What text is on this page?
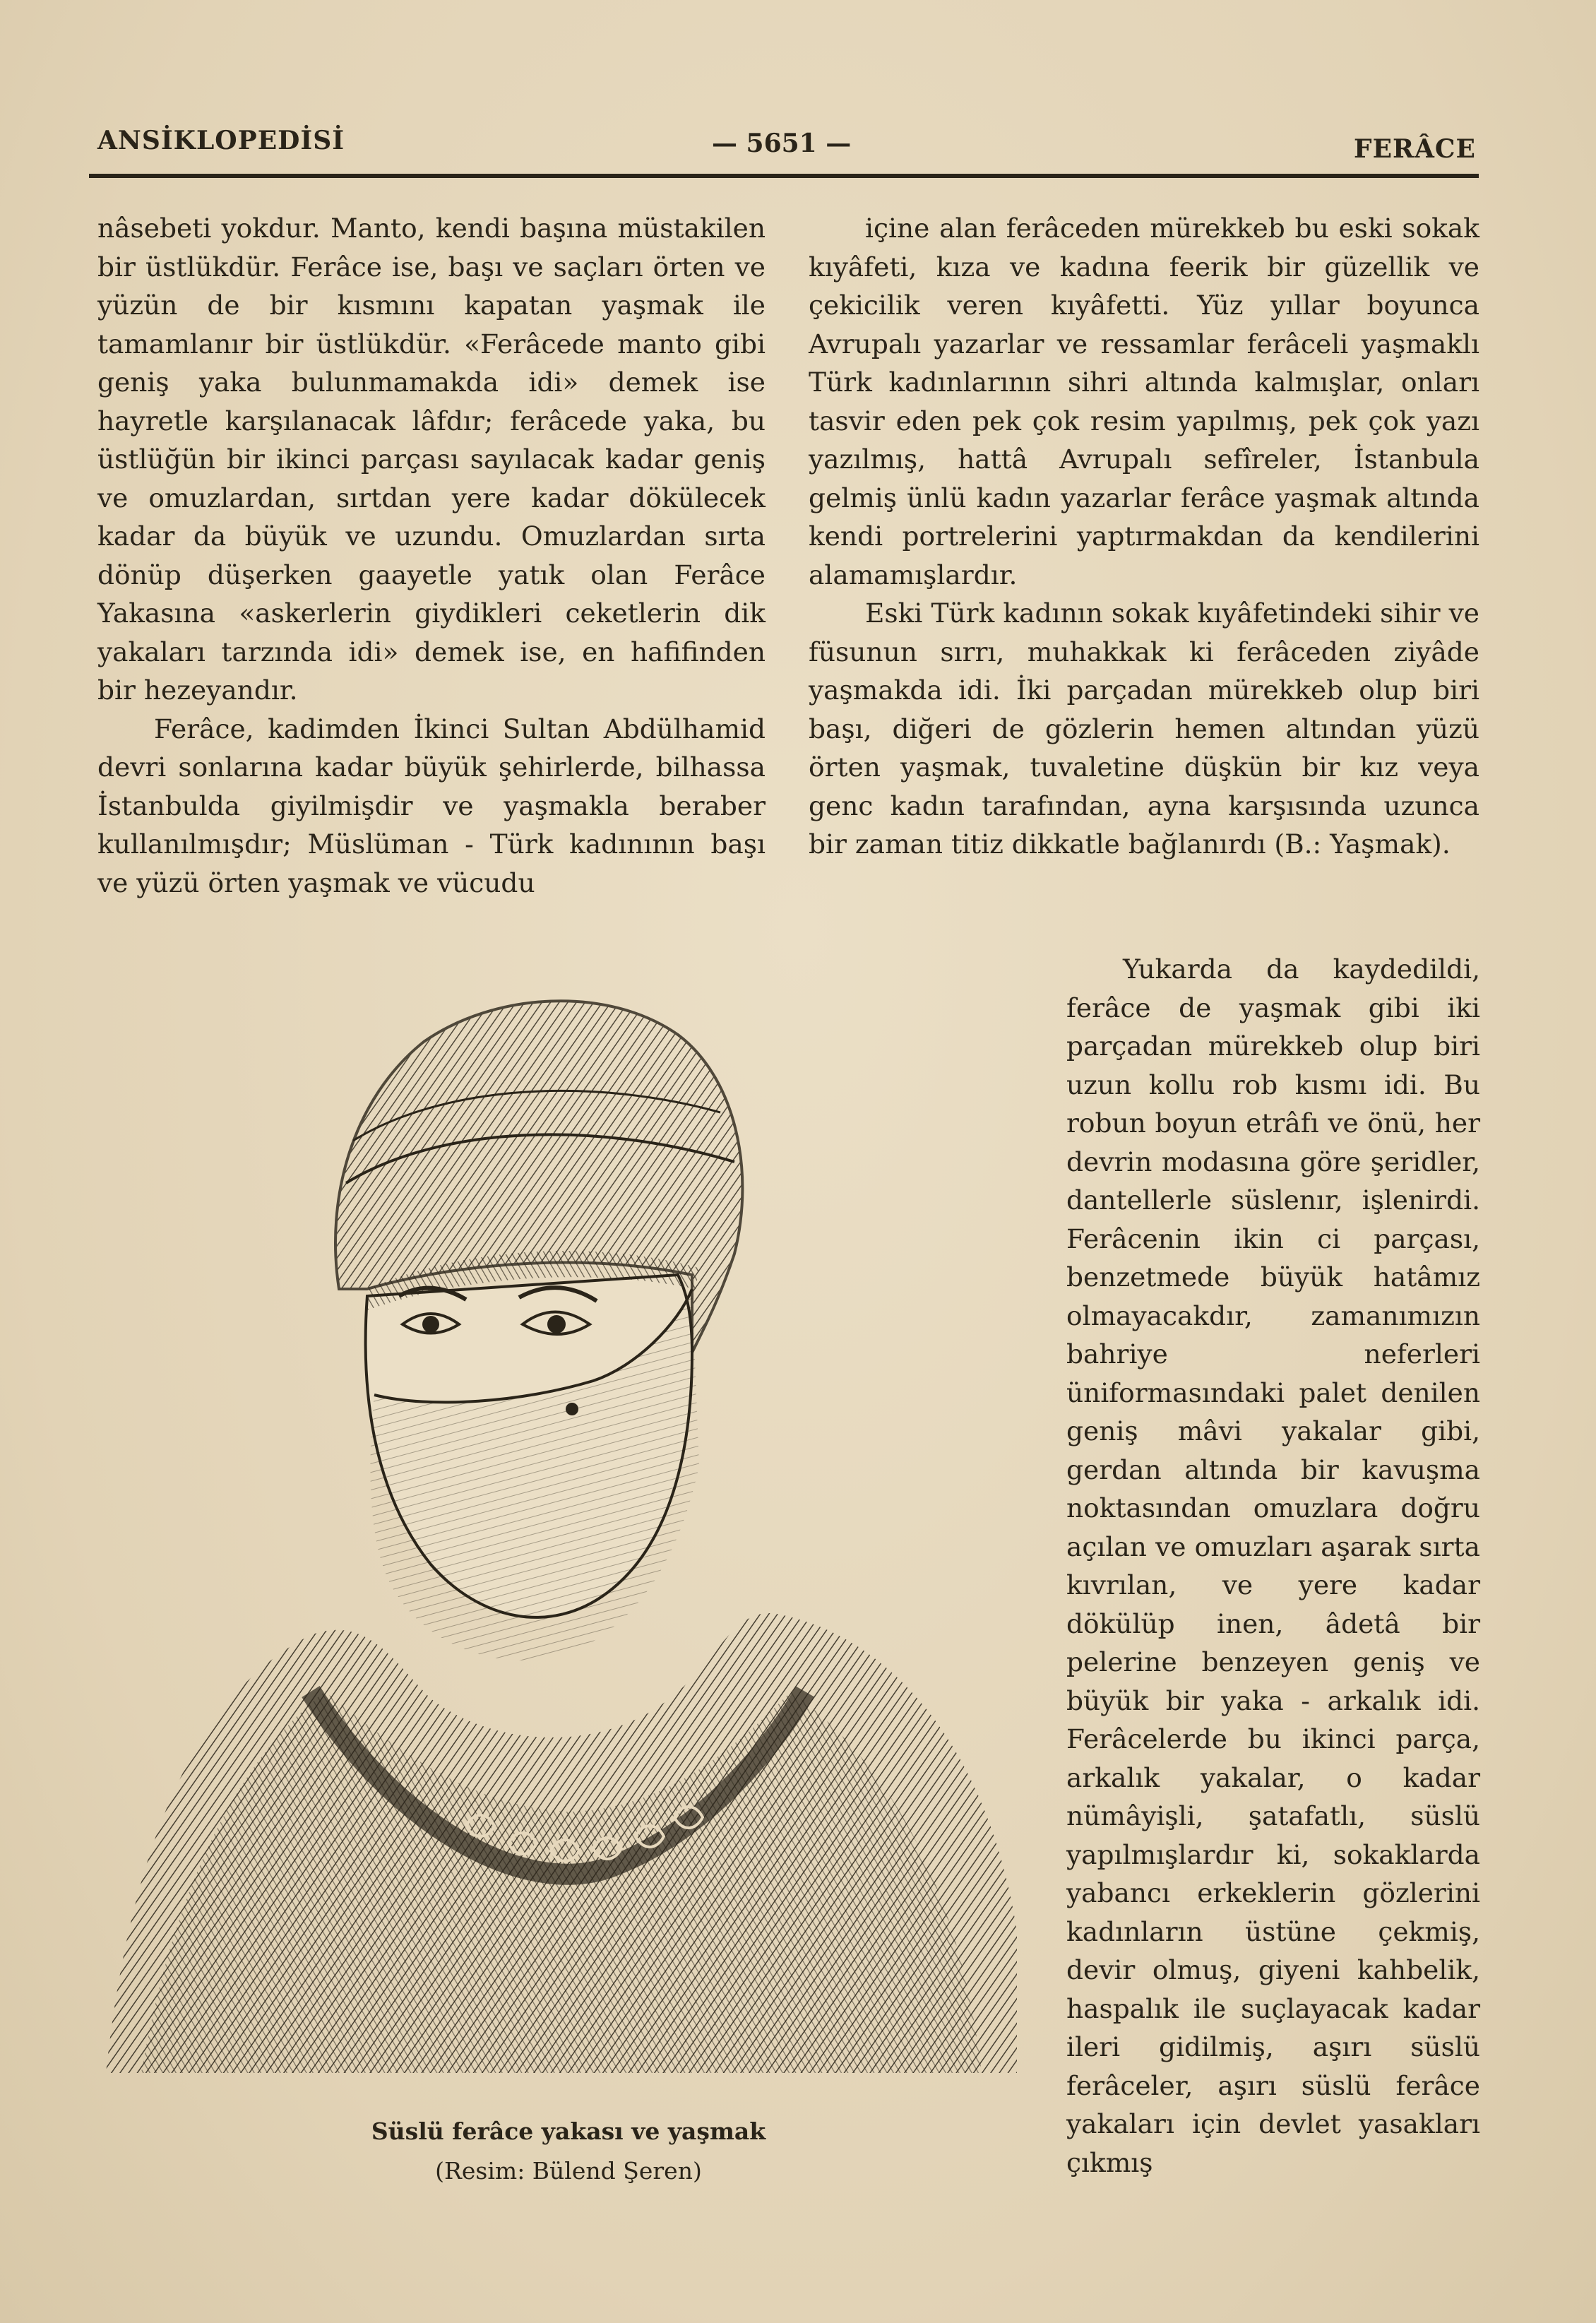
ANSİKLOPEDİSİ	— 5651 —	FERÂCE

nâsebeti yokdur. Manto, kendi başına müstakilen bir üstlükdür. Ferâce ise, başı ve saçları örten ve yüzün de bir kısmını kapatan yaşmak ile tamamlanır bir üstlükdür. «Ferâcede manto gibi geniş yaka bulunmamakda idi» demek ise hayretle karşılanacak lâfdır; ferâcede yaka, bu üstlüğün bir ikinci parçası sayılacak kadar geniş ve omuzlardan, sırtdan yere kadar dökülecek kadar da büyük ve uzundu. Omuzlardan sırta dönüp düşerken gaayetle yatık olan Ferâce Yakasına «askerlerin giydikleri ceketlerin dik yakaları tarzında idi» demek ise, en hafifinden bir hezeyandır.

Ferâce, kadimden İkinci Sultan Abdülhamid devri sonlarına kadar büyük şehirlerde, bilhassa İstanbulda giyilmişdir ve yaşmakla beraber kullanılmışdır; Müslüman - Türk kadınının başı ve yüzü örten yaşmak ve vücudu

içine alan ferâceden mürekkeb bu eski sokak kıyâfeti, kıza ve kadına feerik bir güzellik ve çekicilik veren kıyâfetti. Yüz yıllar boyunca Avrupalı yazarlar ve ressamlar ferâceli yaşmaklı Türk kadınlarının sihri altında kalmışlar, onları tasvir eden pek çok resim yapılmış, pek çok yazı yazılmış, hattâ Avrupalı sefîreler, İstanbula gelmiş ünlü kadın yazarlar ferâce yaşmak altında kendi portrelerini yaptırmakdan da kendilerini alamamışlardır.

Eski Türk kadının sokak kıyâfetindeki sihir ve füsunun sırrı, muhakkak ki ferâceden ziyâde yaşmakda idi. İki parçadan mürekkeb olup biri başı, diğeri de gözlerin hemen altından yüzü örten yaşmak, tuvaletine düşkün bir kız veya genc kadın tarafından, ayna karşısında uzunca bir zaman titiz dikkatle bağlanırdı (B.: Yaşmak).

Süslü ferâce yakası ve yaşmak
(Resim: Bülend Şeren)

Yukarda da kaydedildi, ferâce de yaşmak gibi iki parçadan mürekkeb olup biri uzun kollu rob kısmı idi. Bu robun boyun etrâfı ve önü, her devrin modasına göre şeridler, dantellerle süslenır, işlenirdi. Ferâcenin ikin ci parçası, benzetmede büyük hatâmız olmayacakdır, zamanımızın bahriye neferleri üniformasındaki palet denilen geniş mâvi yakalar gibi, gerdan altında bir kavuşma noktasından omuzlara doğru açılan ve omuzları aşarak sırta kıvrılan, ve yere kadar dökülüp inen, âdetâ bir pelerine benzeyen geniş ve büyük bir yaka - arkalık idi. Ferâcelerde bu ikinci parça, arkalık yakalar, o kadar nümâyişli, şatafatlı, süslü yapılmışlardır ki, sokaklarda yabancı erkeklerin gözlerini kadınların üstüne çekmiş, devir olmuş, giyeni kahbelik, haspalık ile suçlayacak kadar ileri gidilmiş, aşırı süslü ferâceler, aşırı süslü ferâce yakaları için devlet yasakları çıkmış
